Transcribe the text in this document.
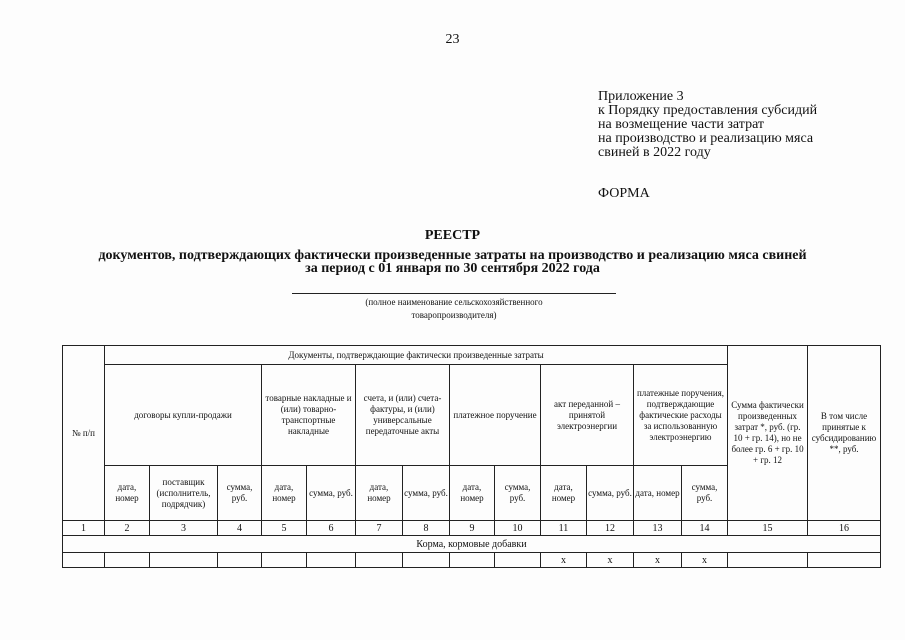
23
Приложение 3
к Порядку предоставления субсидий
на возмещение части затрат
на производство и реализацию мяса
свиней в 2022 году
ФОРМА
РЕЕСТР
документов, подтверждающих фактически произведенные затраты на производство и реализацию мяса свиней
за период с 01 января по 30 сентября 2022 года
(полное наименование сельскохозяйственного
товаропроизводителя)
№ п/п	Документы, подтверждающие фактически произведенные затраты													Сумма фактически произведенных затрат *, руб. (гр. 10 + гр. 14), но не более гр. 6 + гр. 10 + гр. 12	В том числе принятые к субсидированию **, руб.
	договоры купли-продажи			товарные накладные и (или) товарно-транспортные накладные		счета, и (или) счета-фактуры, и (или) универсальные передаточные акты		платежное поручение		акт переданной – принятой электроэнергии		платежные поручения, подтверждающие фактические расходы за использованную электроэнергию			
	дата, номер	поставщик (исполнитель, подрядчик)	сумма, руб.	дата, номер	сумма, руб.	дата, номер	сумма, руб.	дата, номер	сумма, руб.	дата, номер	сумма, руб.	дата, номер	сумма, руб.		
1	2	3	4	5	6	7	8	9	10	11	12	13	14	15	16
Корма, кормовые добавки															
										х	х	х	х		
